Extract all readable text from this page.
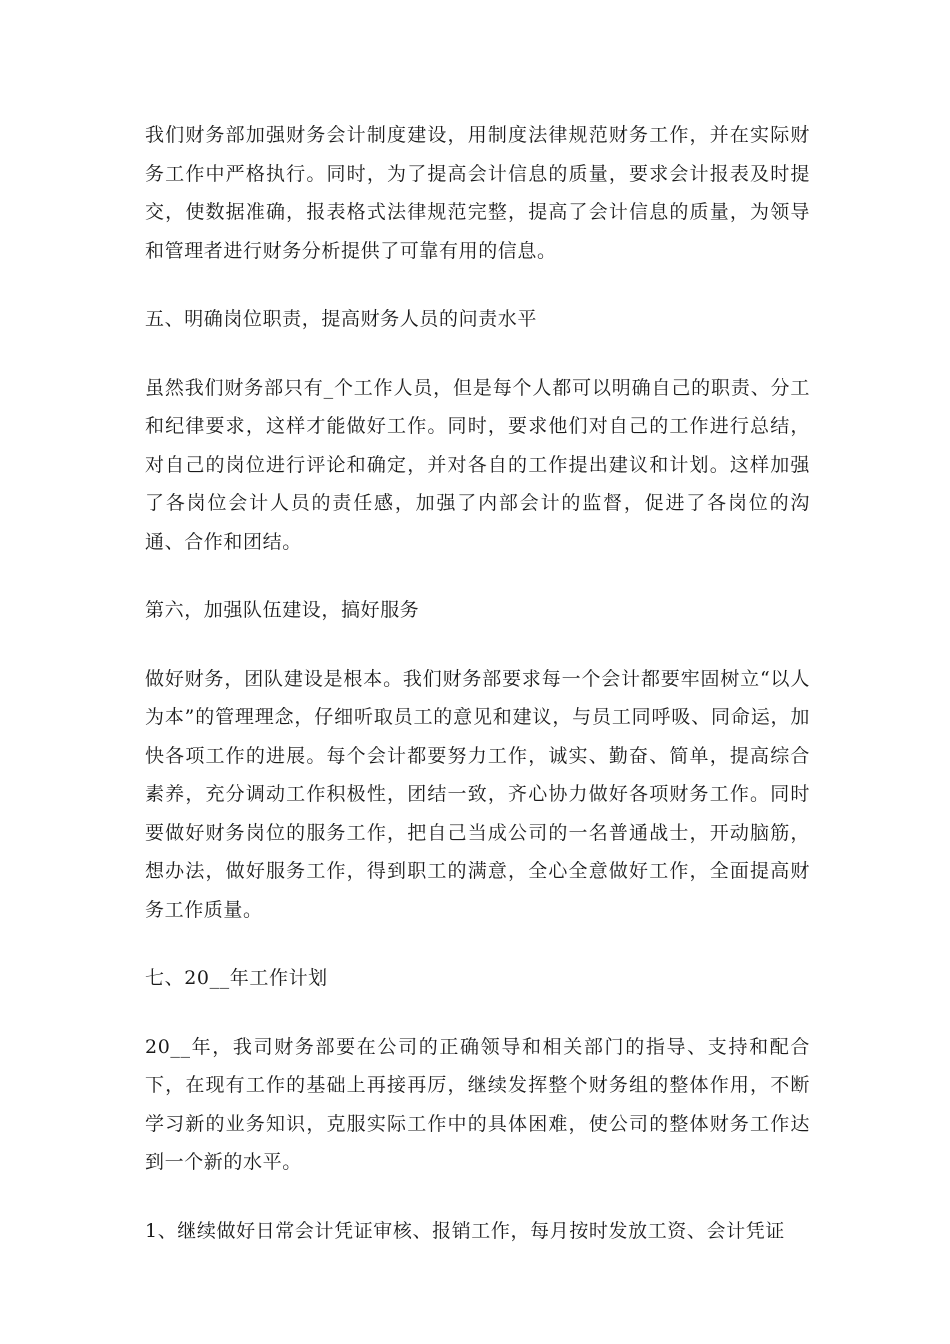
我们财务部加强财务会计制度建设，用制度法律规范财务工作，并在实际财务工作中严格执行。同时，为了提高会计信息的质量，要求会计报表及时提交，使数据准确，报表格式法律规范完整，提高了会计信息的质量，为领导和管理者进行财务分析提供了可靠有用的信息。

五、明确岗位职责，提高财务人员的问责水平

虽然我们财务部只有_个工作人员，但是每个人都可以明确自己的职责、分工和纪律要求，这样才能做好工作。同时，要求他们对自己的工作进行总结，对自己的岗位进行评论和确定，并对各自的工作提出建议和计划。这样加强了各岗位会计人员的责任感，加强了内部会计的监督，促进了各岗位的沟通、合作和团结。

第六，加强队伍建设，搞好服务

做好财务，团队建设是根本。我们财务部要求每一个会计都要牢固树立“以人为本”的管理理念，仔细听取员工的意见和建议，与员工同呼吸、同命运，加快各项工作的进展。每个会计都要努力工作，诚实、勤奋、简单，提高综合素养，充分调动工作积极性，团结一致，齐心协力做好各项财务工作。同时要做好财务岗位的服务工作，把自己当成公司的一名普通战士，开动脑筋，想办法，做好服务工作，得到职工的满意，全心全意做好工作，全面提高财务工作质量。

七、20__年工作计划

20__年，我司财务部要在公司的正确领导和相关部门的指导、支持和配合下，在现有工作的基础上再接再厉，继续发挥整个财务组的整体作用，不断学习新的业务知识，克服实际工作中的具体困难，使公司的整体财务工作达到一个新的水平。

1、继续做好日常会计凭证审核、报销工作，每月按时发放工资、会计凭证
